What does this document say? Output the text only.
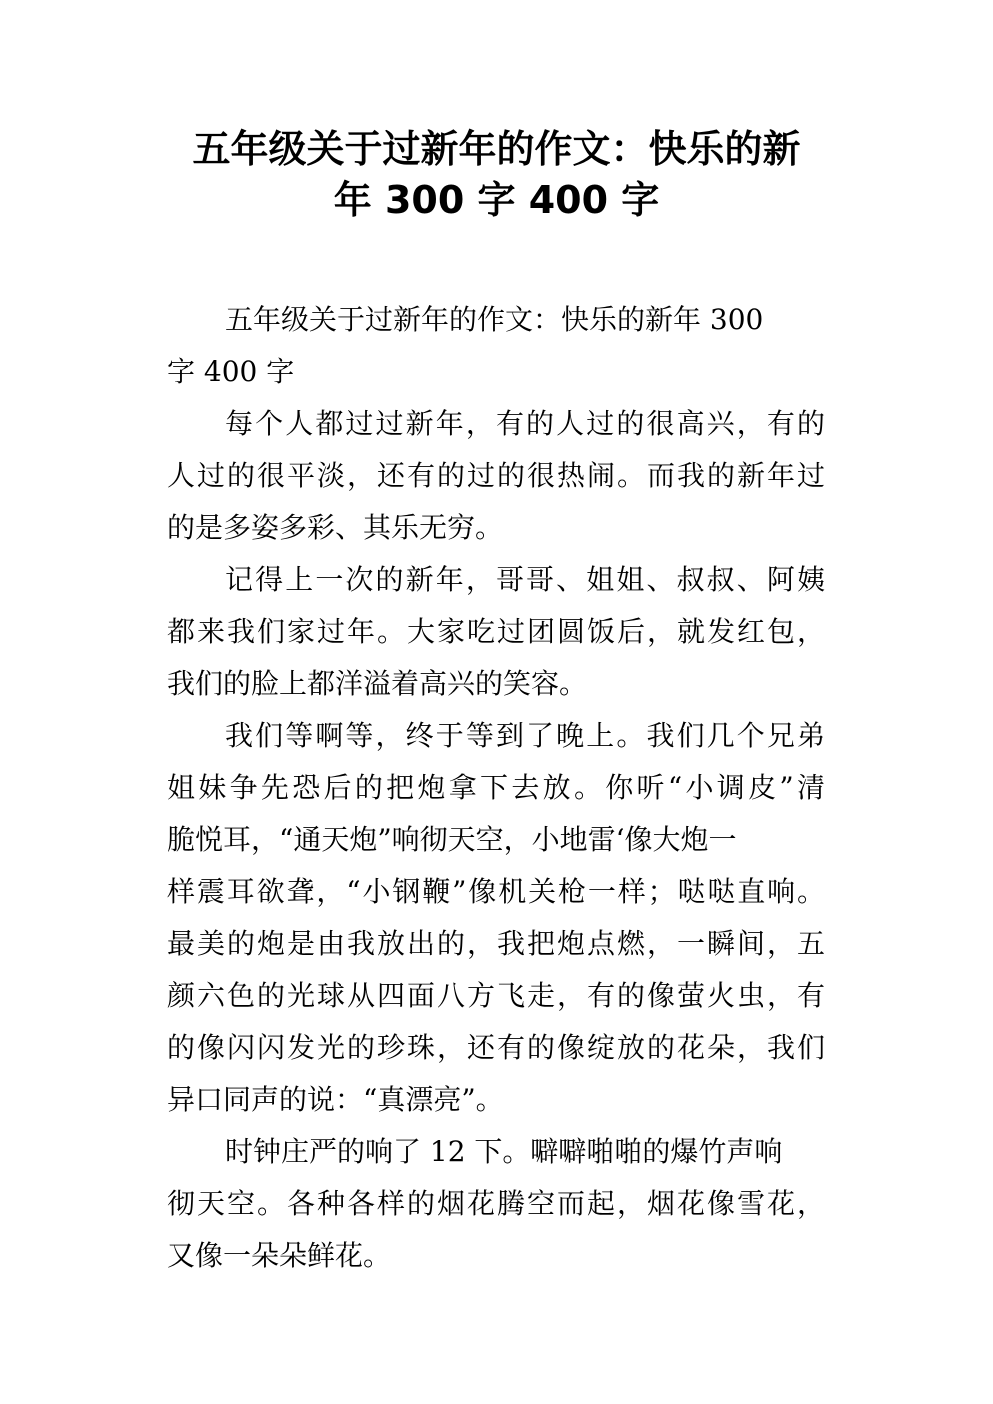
五年级关于过新年的作文：快乐的新
年 300 字 400 字
五年级关于过新年的作文：快乐的新年 300
字 400 字
每个人都过过新年，有的人过的很高兴，有的
人过的很平淡，还有的过的很热闹。而我的新年过
的是多姿多彩、其乐无穷。
记得上一次的新年，哥哥、姐姐、叔叔、阿姨
都来我们家过年。大家吃过团圆饭后，就发红包，
我们的脸上都洋溢着高兴的笑容。
我们等啊等，终于等到了晚上。我们几个兄弟
姐妹争先恐后的把炮拿下去放。你听“小调皮”清
脆悦耳，“通天炮”响彻天空，小地雷‘像大炮一
样震耳欲聋，“小钢鞭”像机关枪一样；哒哒直响。
最美的炮是由我放出的，我把炮点燃，一瞬间，五
颜六色的光球从四面八方飞走，有的像萤火虫，有
的像闪闪发光的珍珠，还有的像绽放的花朵，我们
异口同声的说：“真漂亮”。
时钟庄严的响了 12 下。噼噼啪啪的爆竹声响
彻天空。各种各样的烟花腾空而起，烟花像雪花，
又像一朵朵鲜花。
